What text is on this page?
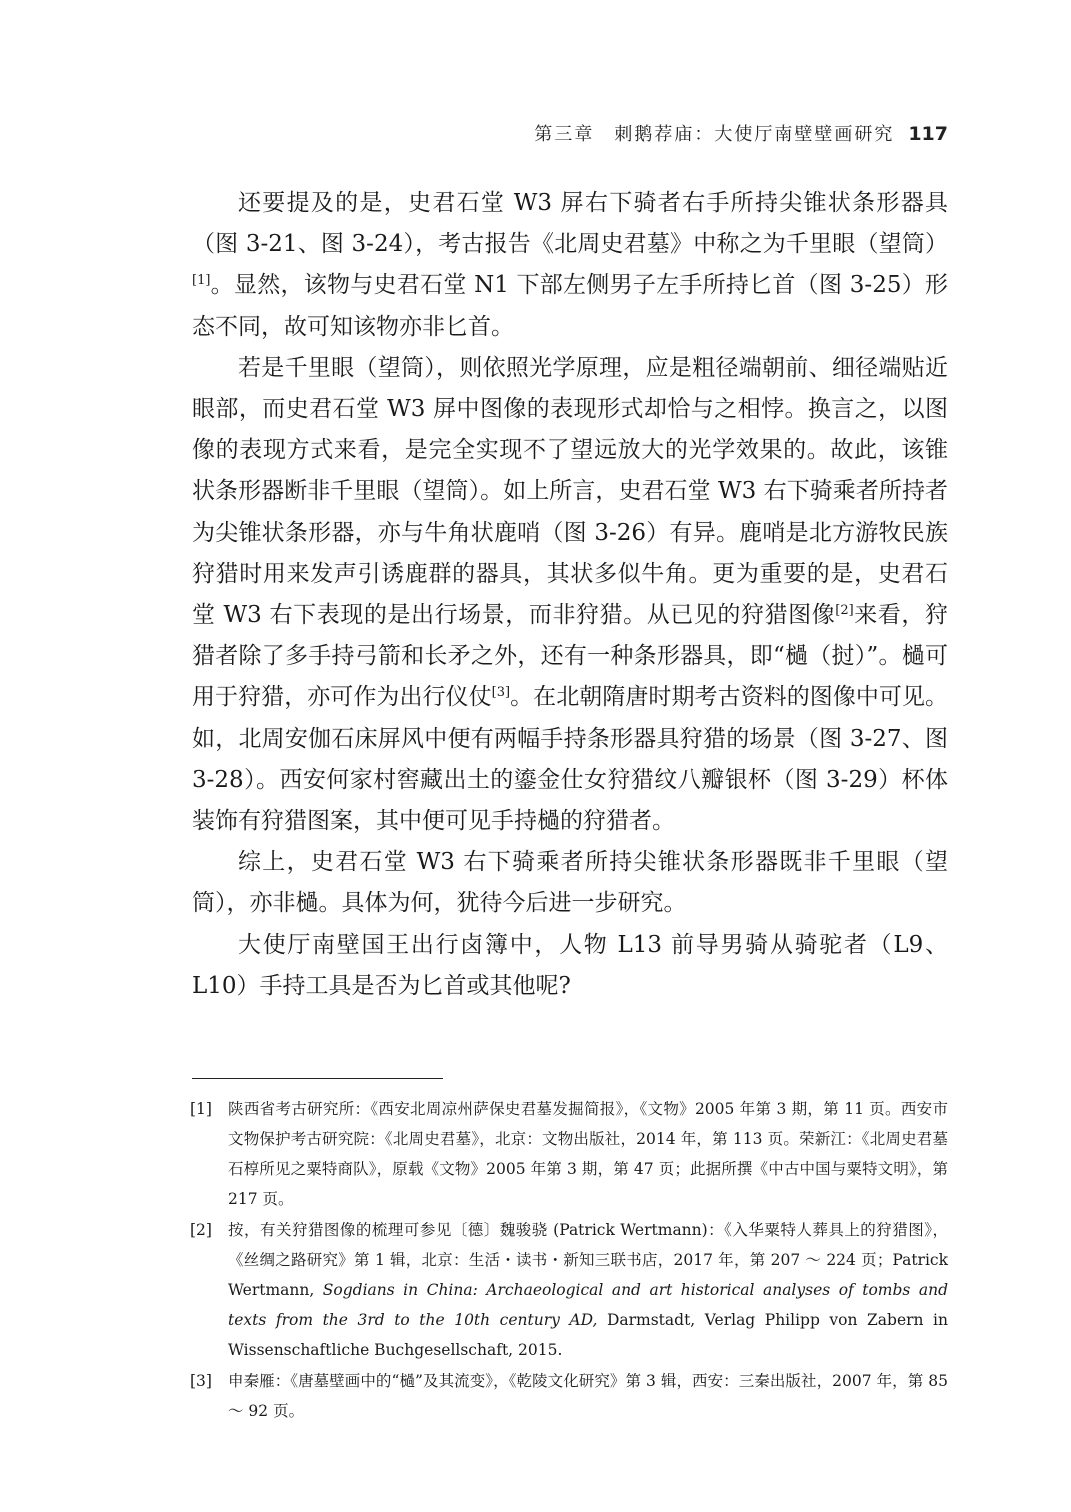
第三章　刺鹅荐庙：大使厅南壁壁画研究 117

还要提及的是，史君石堂 W3 屏右下骑者右手所持尖锥状条形器具（图 3-21、图 3-24），考古报告《北周史君墓》中称之为千里眼（望筒）[1]。显然，该物与史君石堂 N1 下部左侧男子左手所持匕首（图 3-25）形态不同，故可知该物亦非匕首。

若是千里眼（望筒），则依照光学原理，应是粗径端朝前、细径端贴近眼部，而史君石堂 W3 屏中图像的表现形式却恰与之相悖。换言之，以图像的表现方式来看，是完全实现不了望远放大的光学效果的。故此，该锥状条形器断非千里眼（望筒）。如上所言，史君石堂 W3 右下骑乘者所持者为尖锥状条形器，亦与牛角状鹿哨（图 3-26）有异。鹿哨是北方游牧民族狩猎时用来发声引诱鹿群的器具，其状多似牛角。更为重要的是，史君石堂 W3 右下表现的是出行场景，而非狩猎。从已见的狩猎图像[2]来看，狩猎者除了多手持弓箭和长矛之外，还有一种条形器具，即“檛（挝）”。檛可用于狩猎，亦可作为出行仪仗[3]。在北朝隋唐时期考古资料的图像中可见。如，北周安伽石床屏风中便有两幅手持条形器具狩猎的场景（图 3-27、图 3-28）。西安何家村窖藏出土的鎏金仕女狩猎纹八瓣银杯（图 3-29）杯体装饰有狩猎图案，其中便可见手持檛的狩猎者。

综上，史君石堂 W3 右下骑乘者所持尖锥状条形器既非千里眼（望筒），亦非檛。具体为何，犹待今后进一步研究。

大使厅南壁国王出行卤簿中，人物 L13 前导男骑从骑驼者（L9、L10）手持工具是否为匕首或其他呢?

[1]	陕西省考古研究所：《西安北周凉州萨保史君墓发掘简报》，《文物》2005 年第 3 期，第 11 页。西安市文物保护考古研究院：《北周史君墓》，北京：文物出版社，2014 年，第 113 页。荣新江：《北周史君墓石椁所见之粟特商队》，原载《文物》2005 年第 3 期，第 47 页；此据所撰《中古中国与粟特文明》，第 217 页。
[2]	按，有关狩猎图像的梳理可参见〔德〕魏骏骁 (Patrick Wertmann)：《入华粟特人葬具上的狩猎图》，《丝绸之路研究》第 1 辑，北京：生活・读书・新知三联书店，2017 年，第 207 ～ 224 页；Patrick Wertmann, Sogdians in China: Archaeological and art historical analyses of tombs and texts from the 3rd to the 10th century AD, Darmstadt, Verlag Philipp von Zabern in Wissenschaftliche Buchgesellschaft, 2015.
[3]	申秦雁：《唐墓壁画中的“檛”及其流变》，《乾陵文化研究》第 3 辑，西安：三秦出版社，2007 年，第 85 ～ 92 页。
